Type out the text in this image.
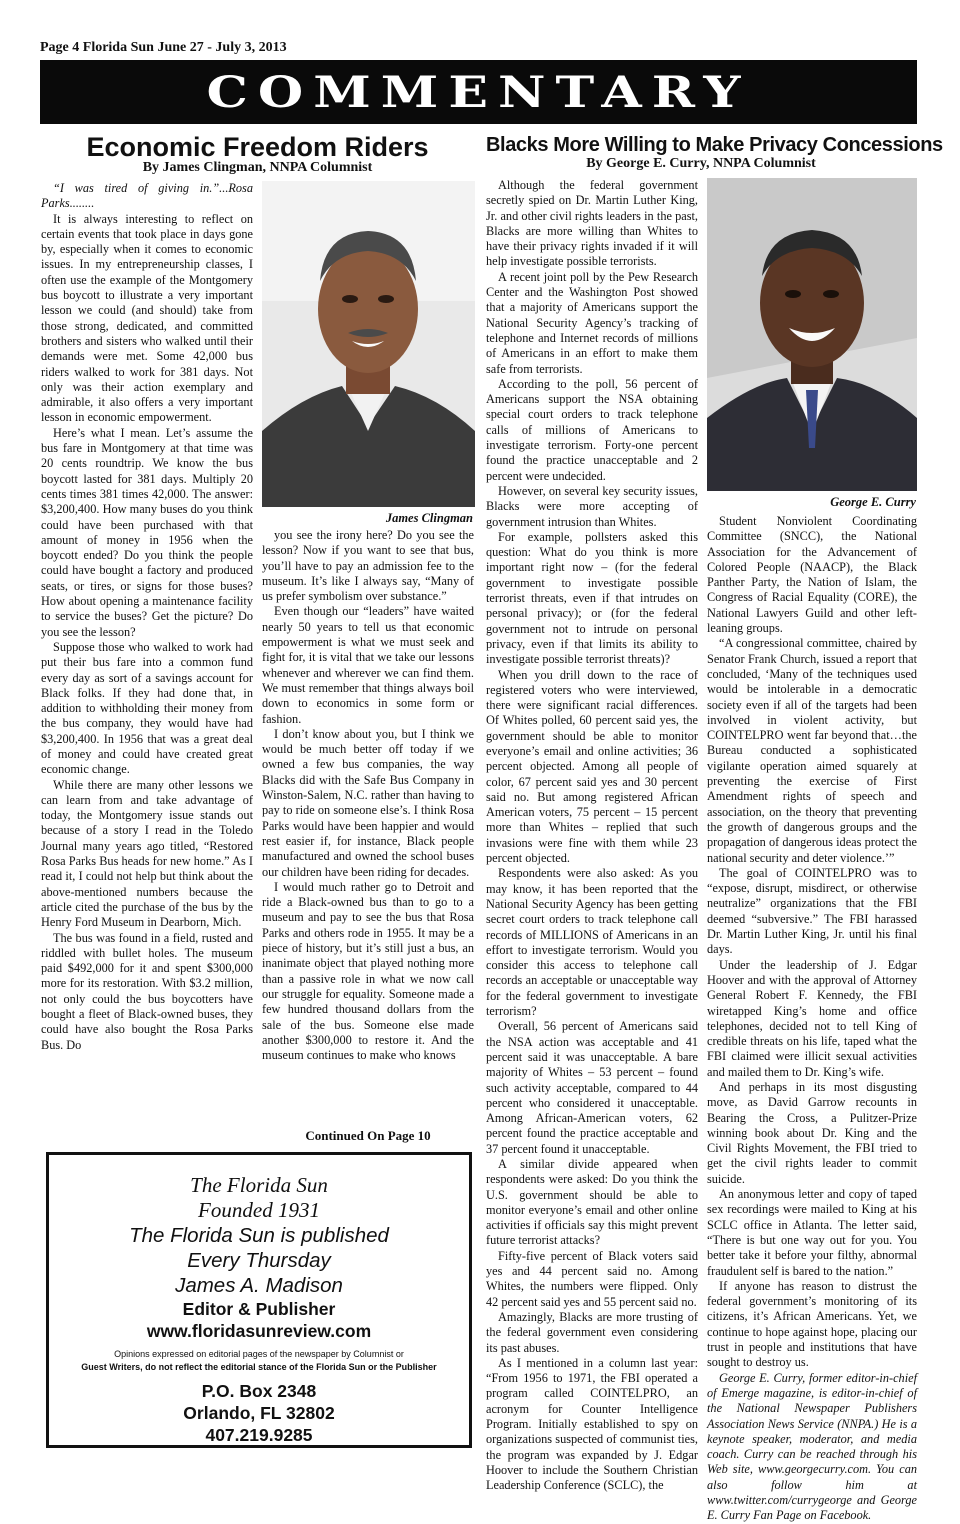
Page 4 Florida Sun June 27 - July 3, 2013
COMMENTARY
Economic Freedom Riders
By James Clingman, NNPA Columnist

“I was tired of giving in.”...Rosa Parks........

It is always interesting to reflect on certain events that took place in days gone by, especially when it comes to economic issues. In my entrepreneurship classes, I often use the example of the Montgomery bus boycott to illustrate a very important lesson we could (and should) take from those strong, dedicated, and committed brothers and sisters who walked until their demands were met. Some 42,000 bus riders walked to work for 381 days. Not only was their action exemplary and admirable, it also offers a very important lesson in economic empowerment.

Here’s what I mean. Let’s assume the bus fare in Montgomery at that time was 20 cents roundtrip. We know the bus boycott lasted for 381 days. Multiply 20 cents times 381 times 42,000. The answer: $3,200,400. How many buses do you think could have been purchased with that amount of money in 1956 when the boycott ended? Do you think the people could have bought a factory and produced seats, or tires, or signs for those buses? How about opening a maintenance facility to service the buses? Get the picture? Do you see the lesson?

Suppose those who walked to work had put their bus fare into a common fund every day as sort of a savings account for Black folks. If they had done that, in addition to withholding their money from the bus company, they would have had $3,200,400. In 1956 that was a great deal of money and could have created great economic change.

While there are many other lessons we can learn from and take advantage of today, the Montgomery issue stands out because of a story I read in the Toledo Journal many years ago titled, “Restored Rosa Parks Bus heads for new home.” As I read it, I could not help but think about the above-mentioned numbers because the article cited the purchase of the bus by the Henry Ford Museum in Dearborn, Mich.

The bus was found in a field, rusted and riddled with bullet holes. The museum paid $492,000 for it and spent $300,000 more for its restoration. With $3.2 million, not only could the bus boycotters have bought a fleet of Black-owned buses, they could have also bought the Rosa Parks Bus. Do

James Clingman

you see the irony here? Do you see the lesson? Now if you want to see that bus, you’ll have to pay an admission fee to the museum. It’s like I always say, “Many of us prefer symbolism over substance.”

Even though our “leaders” have waited nearly 50 years to tell us that economic empowerment is what we must seek and fight for, it is vital that we take our lessons whenever and wherever we can find them. We must remember that things always boil down to economics in some form or fashion.

I don’t know about you, but I think we would be much better off today if we owned a few bus companies, the way Blacks did with the Safe Bus Company in Winston-Salem, N.C. rather than having to pay to ride on someone else’s. I think Rosa Parks would have been happier and would rest easier if, for instance, Black people manufactured and owned the school buses our children have been riding for decades.

I would much rather go to Detroit and ride a Black-owned bus than to go to a museum and pay to see the bus that Rosa Parks and others rode in 1955. It may be a piece of history, but it’s still just a bus, an inanimate object that played nothing more than a passive role in what we now call our struggle for equality. Someone made a few hundred thousand dollars from the sale of the bus. Someone else made another $300,000 to restore it. And the museum continues to make who knows

Continued On Page 10
The Florida Sun
Founded 1931
The Florida Sun is published
Every Thursday
James A. Madison
Editor & Publisher
www.floridasunreview.com
Opinions expressed on editorial pages of the newspaper by Columnist or
Guest Writers, do not reflect the editorial stance of the Florida Sun or the Publisher
P.O. Box 2348
Orlando, FL 32802
407.219.9285
Blacks More Willing to Make Privacy Concessions
By George E. Curry, NNPA Columnist

Although the federal government secretly spied on Dr. Martin Luther King, Jr. and other civil rights leaders in the past, Blacks are more willing than Whites to have their privacy rights invaded if it will help investigate possible terrorists.

A recent joint poll by the Pew Research Center and the Washington Post showed that a majority of Americans support the National Security Agency’s tracking of telephone and Internet records of millions of Americans in an effort to make them safe from terrorists.

According to the poll, 56 percent of Americans support the NSA obtaining special court orders to track telephone calls of millions of Americans to investigate terrorism. Forty-one percent found the practice unacceptable and 2 percent were undecided.

However, on several key security issues, Blacks were more accepting of government intrusion than Whites.

For example, pollsters asked this question: What do you think is more important right now – (for the federal government to investigate possible terrorist threats, even if that intrudes on personal privacy); or (for the federal government not to intrude on personal privacy, even if that limits its ability to investigate possible terrorist threats)?

When you drill down to the race of registered voters who were interviewed, there were significant racial differences. Of Whites polled, 60 percent said yes, the government should be able to monitor everyone’s email and online activities; 36 percent objected. Among all people of color, 67 percent said yes and 30 percent said no. But among registered African American voters, 75 percent – 15 percent more than Whites – replied that such invasions were fine with them while 23 percent objected.

Respondents were also asked: As you may know, it has been reported that the National Security Agency has been getting secret court orders to track telephone call records of MILLIONS of Americans in an effort to investigate terrorism. Would you consider this access to telephone call records an acceptable or unacceptable way for the federal government to investigate terrorism?

Overall, 56 percent of Americans said the NSA action was acceptable and 41 percent said it was unacceptable. A bare majority of Whites – 53 percent – found such activity acceptable, compared to 44 percent who considered it unacceptable. Among African-American voters, 62 percent found the practice acceptable and 37 percent found it unacceptable.

A similar divide appeared when respondents were asked: Do you think the U.S. government should be able to monitor everyone’s email and other online activities if officials say this might prevent future terrorist attacks?

Fifty-five percent of Black voters said yes and 44 percent said no. Among Whites, the numbers were flipped. Only 42 percent said yes and 55 percent said no.

Amazingly, Blacks are more trusting of the federal government even considering its past abuses.

As I mentioned in a column last year: “From 1956 to 1971, the FBI operated a program called COINTELPRO, an acronym for Counter Intelligence Program. Initially established to spy on organizations suspected of communist ties, the program was expanded by J. Edgar Hoover to include the Southern Christian Leadership Conference (SCLC), the

George E. Curry

Student Nonviolent Coordinating Committee (SNCC), the National Association for the Advancement of Colored People (NAACP), the Black Panther Party, the Nation of Islam, the Congress of Racial Equality (CORE), the National Lawyers Guild and other left-leaning groups.

“A congressional committee, chaired by Senator Frank Church, issued a report that concluded, ‘Many of the techniques used would be intolerable in a democratic society even if all of the targets had been involved in violent activity, but COINTELPRO went far beyond that…the Bureau conducted a sophisticated vigilante operation aimed squarely at preventing the exercise of First Amendment rights of speech and association, on the theory that preventing the growth of dangerous groups and the propagation of dangerous ideas protect the national security and deter violence.’”

The goal of COINTELPRO was to “expose, disrupt, misdirect, or otherwise neutralize” organizations that the FBI deemed “subversive.” The FBI harassed Dr. Martin Luther King, Jr. until his final days.

Under the leadership of J. Edgar Hoover and with the approval of Attorney General Robert F. Kennedy, the FBI wiretapped King’s home and office telephones, decided not to tell King of credible threats on his life, taped what the FBI claimed were illicit sexual activities and mailed them to Dr. King’s wife.

And perhaps in its most disgusting move, as David Garrow recounts in Bearing the Cross, a Pulitzer-Prize winning book about Dr. King and the Civil Rights Movement, the FBI tried to get the civil rights leader to commit suicide.

An anonymous letter and copy of taped sex recordings were mailed to King at his SCLC office in Atlanta. The letter said, “There is but one way out for you. You better take it before your filthy, abnormal fraudulent self is bared to the nation.”

If anyone has reason to distrust the federal government’s monitoring of its citizens, it’s African Americans. Yet, we continue to hope against hope, placing our trust in people and institutions that have sought to destroy us.

George E. Curry, former editor-in-chief of Emerge magazine, is editor-in-chief of the National Newspaper Publishers Association News Service (NNPA.) He is a keynote speaker, moderator, and media coach. Curry can be reached through his Web site, www.georgecurry.com. You can also follow him at www.twitter.com/currygeorge and George E. Curry Fan Page on Facebook.
